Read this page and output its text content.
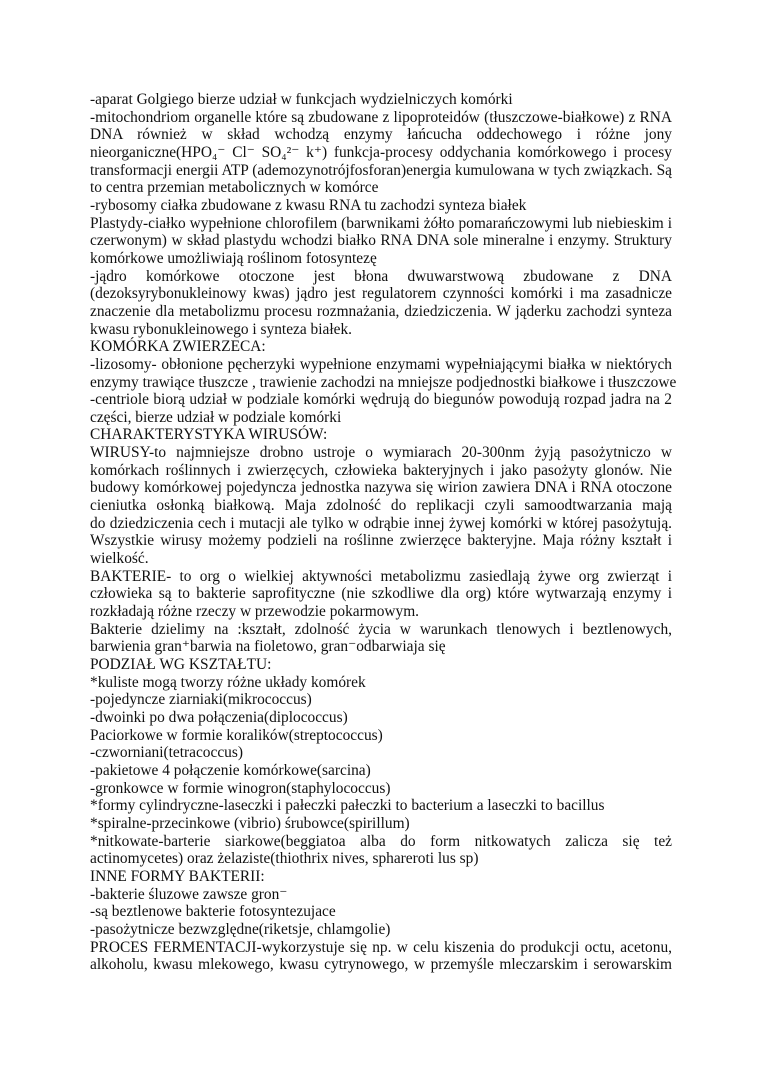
-aparat Golgiego bierze udział w funkcjach wydzielniczych komórki
-mitochondriom organelle które są zbudowane z lipoproteidów (tłuszczowe-białkowe) z RNA
DNA również w skład wchodzą enzymy łańcucha oddechowego i różne jony
nieorganiczne(HPO₄⁻ Cl⁻ SO₄²⁻ k⁺) funkcja-procesy oddychania komórkowego i procesy
transformacji energii ATP (ademozynotrójfosforan)energia kumulowana w tych związkach. Są
to centra przemian metabolicznych w komórce
-rybosomy ciałka zbudowane z kwasu RNA tu zachodzi synteza białek
Plastydy-ciałko wypełnione chlorofilem (barwnikami żółto pomarańczowymi lub niebieskim i
czerwonym) w skład plastydu wchodzi białko RNA DNA sole mineralne i enzymy. Struktury
komórkowe umożliwiają roślinom fotosyntezę
-jądro komórkowe otoczone jest błona dwuwarstwową zbudowane z DNA
(dezoksyrybonukleinowy kwas) jądro jest regulatorem czynności komórki i ma zasadnicze
znaczenie dla metabolizmu procesu rozmnażania, dziedziczenia. W jąderku zachodzi synteza
kwasu rybonukleinowego i synteza białek.
KOMÓRKA ZWIERZECA:
-lizosomy- obłonione pęcherzyki wypełnione enzymami wypełniającymi białka w niektórych
enzymy trawiące tłuszcze , trawienie zachodzi na mniejsze podjednostki białkowe i tłuszczowe
-centriole biorą udział w podziale komórki wędrują do biegunów powodują rozpad jadra na 2
części, bierze udział w podziale komórki
CHARAKTERYSTYKA WIRUSÓW:
WIRUSY-to najmniejsze drobno ustroje o wymiarach 20-300nm żyją pasożytniczo w
komórkach roślinnych i zwierzęcych, człowieka bakteryjnych i jako pasożyty glonów. Nie
budowy komórkowej pojedyncza jednostka nazywa się wirion zawiera DNA i RNA otoczone
cieniutka osłonką białkową. Maja zdolność do replikacji czyli samoodtwarzania mają
do dziedziczenia cech i mutacji ale tylko w odrąbie innej żywej komórki w której pasożytują.
Wszystkie wirusy możemy podzieli na roślinne zwierzęce bakteryjne. Maja różny kształt i
wielkość.
BAKTERIE- to org o wielkiej aktywności metabolizmu zasiedlają żywe org zwierząt i
człowieka są to bakterie saprofityczne (nie szkodliwe dla org) które wytwarzają enzymy i
rozkładają różne rzeczy w przewodzie pokarmowym.
Bakterie dzielimy na :kształt, zdolność życia w warunkach tlenowych i beztlenowych,
barwienia gran⁺barwia na fioletowo, gran⁻odbarwiaja się
PODZIAŁ WG KSZTAŁTU:
*kuliste mogą tworzy różne układy komórek
-pojedyncze ziarniaki(mikrococcus)
-dwoinki po dwa połączenia(diplococcus)
Paciorkowe w formie koralików(streptococcus)
-czworniani(tetracoccus)
-pakietowe 4 połączenie komórkowe(sarcina)
-gronkowce w formie winogron(staphylococcus)
*formy cylindryczne-laseczki i pałeczki pałeczki to bacterium a laseczki to bacillus
*spiralne-przecinkowe (vibrio) śrubowce(spirillum)
*nitkowate-barterie siarkowe(beggiatoa alba do form nitkowatych zalicza się też
actinomycetes) oraz żelaziste(thiothrix nives, sphareroti lus sp)
INNE FORMY BAKTERII:
-bakterie śluzowe zawsze gron⁻
-są beztlenowe bakterie fotosyntezujace
-pasożytnicze bezwzględne(riketsje, chlamgolie)
PROCES FERMENTACJI-wykorzystuje się np. w celu kiszenia do produkcji octu, acetonu,
alkoholu, kwasu mlekowego, kwasu cytrynowego, w przemyśle mleczarskim i serowarskim
